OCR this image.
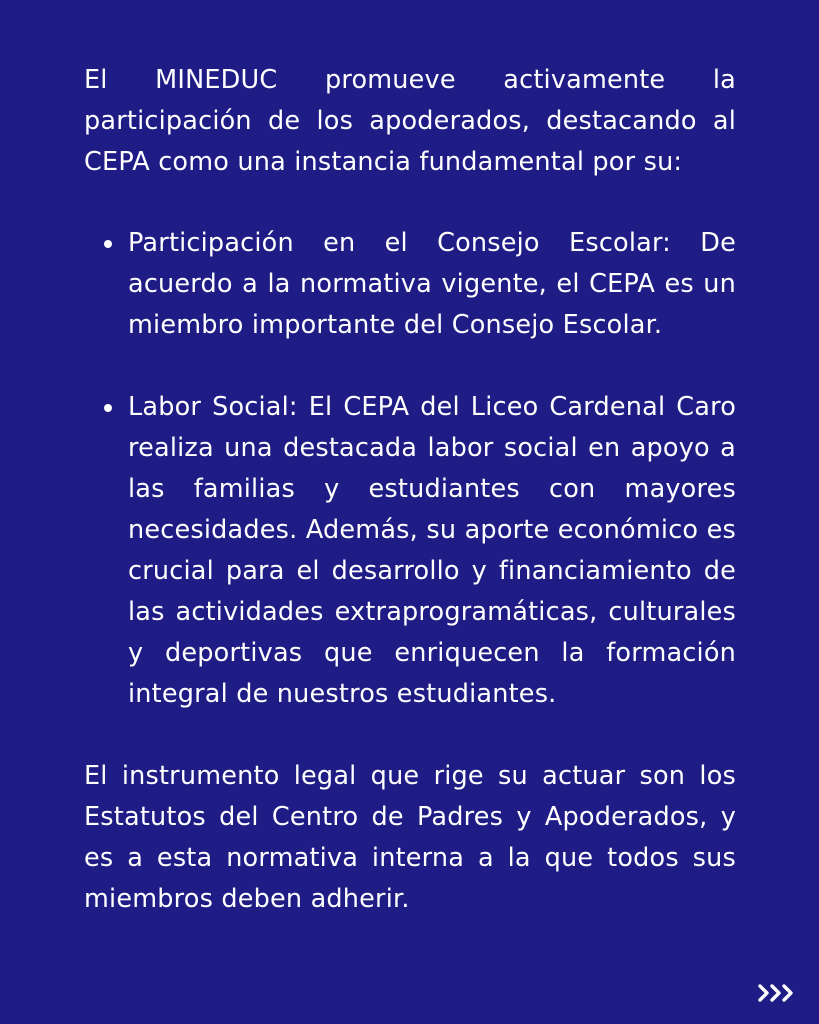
El MINEDUC promueve activamente la participación de los apoderados, destacando al CEPA como una instancia fundamental por su:

Participación en el Consejo Escolar: De acuerdo a la normativa vigente, el CEPA es un miembro importante del Consejo Escolar.

Labor Social: El CEPA del Liceo Cardenal Caro realiza una destacada labor social en apoyo a las familias y estudiantes con mayores necesidades. Además, su aporte económico es crucial para el desarrollo y financiamiento de las actividades extraprogramáticas, culturales y deportivas que enriquecen la formación integral de nuestros estudiantes.

El instrumento legal que rige su actuar son los Estatutos del Centro de Padres y Apoderados, y es a esta normativa interna a la que todos sus miembros deben adherir.
